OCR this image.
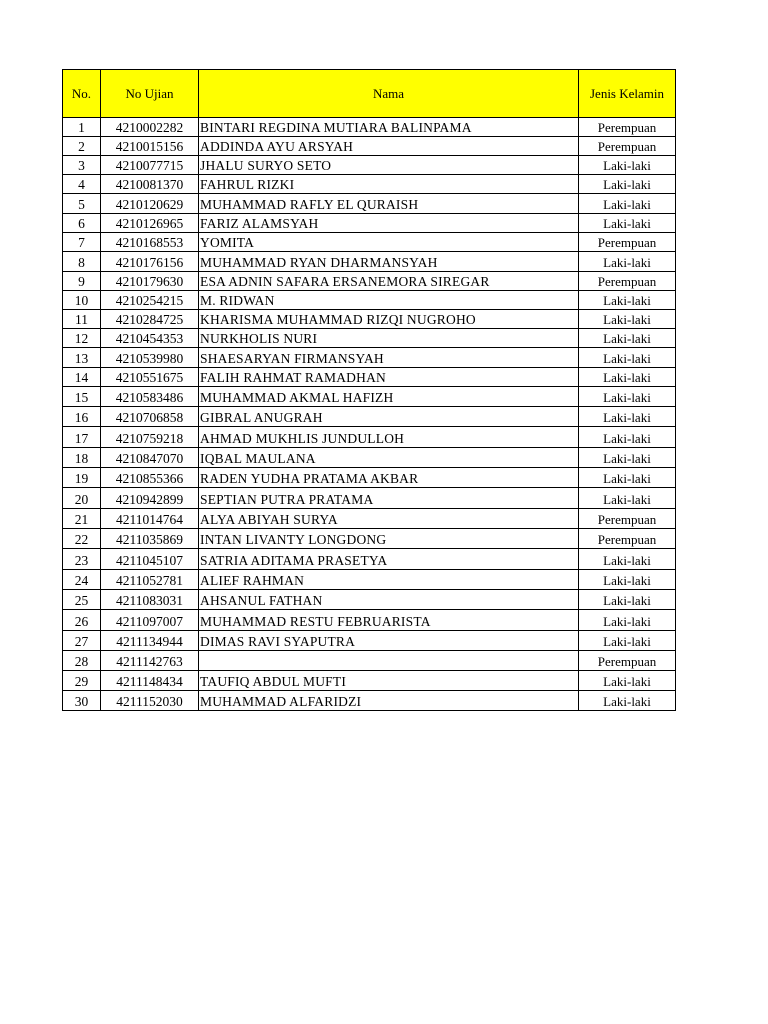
No.	No Ujian	Nama	Jenis Kelamin
1	4210002282	BINTARI REGDINA MUTIARA BALINPAMA	Perempuan
2	4210015156	ADDINDA AYU ARSYAH	Perempuan
3	4210077715	JHALU SURYO SETO	Laki-laki
4	4210081370	FAHRUL RIZKI	Laki-laki
5	4210120629	MUHAMMAD RAFLY EL QURAISH	Laki-laki
6	4210126965	FARIZ ALAMSYAH	Laki-laki
7	4210168553	YOMITA	Perempuan
8	4210176156	MUHAMMAD RYAN DHARMANSYAH	Laki-laki
9	4210179630	ESA ADNIN SAFARA ERSANEMORA SIREGAR	Perempuan
10	4210254215	M. RIDWAN	Laki-laki
11	4210284725	KHARISMA MUHAMMAD RIZQI NUGROHO	Laki-laki
12	4210454353	NURKHOLIS NURI	Laki-laki
13	4210539980	SHAESARYAN FIRMANSYAH	Laki-laki
14	4210551675	FALIH RAHMAT RAMADHAN	Laki-laki
15	4210583486	MUHAMMAD AKMAL HAFIZH	Laki-laki
16	4210706858	GIBRAL ANUGRAH	Laki-laki
17	4210759218	AHMAD MUKHLIS JUNDULLOH	Laki-laki
18	4210847070	IQBAL MAULANA	Laki-laki
19	4210855366	RADEN YUDHA PRATAMA AKBAR	Laki-laki
20	4210942899	SEPTIAN PUTRA PRATAMA	Laki-laki
21	4211014764	ALYA ABIYAH SURYA	Perempuan
22	4211035869	INTAN LIVANTY LONGDONG	Perempuan
23	4211045107	SATRIA ADITAMA PRASETYA	Laki-laki
24	4211052781	ALIEF RAHMAN	Laki-laki
25	4211083031	AHSANUL FATHAN	Laki-laki
26	4211097007	MUHAMMAD RESTU FEBRUARISTA	Laki-laki
27	4211134944	DIMAS RAVI SYAPUTRA	Laki-laki
28	4211142763		Perempuan
29	4211148434	TAUFIQ ABDUL MUFTI	Laki-laki
30	4211152030	MUHAMMAD ALFARIDZI	Laki-laki
